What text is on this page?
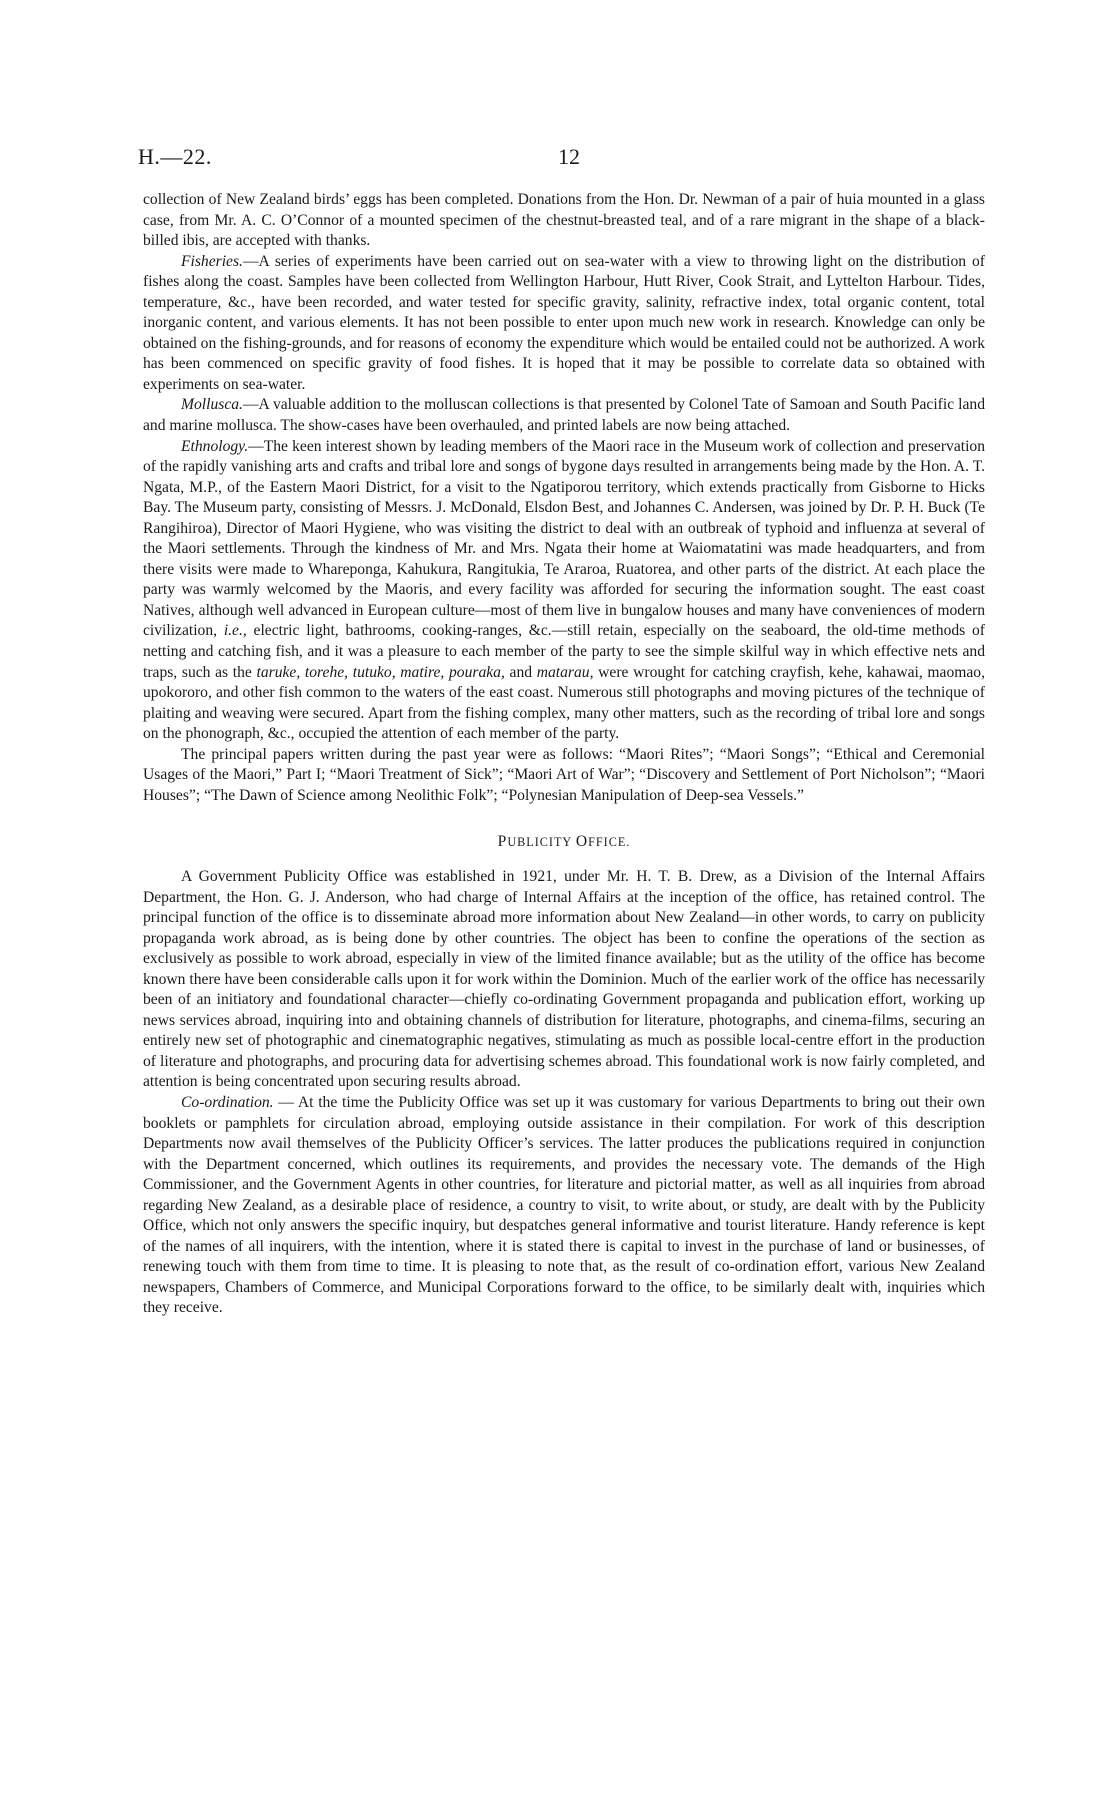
H.—22.	12

collection of New Zealand birds’ eggs has been completed. Donations from the Hon. Dr. Newman of a pair of huia mounted in a glass case, from Mr. A. C. O’Connor of a mounted specimen of the chestnut-breasted teal, and of a rare migrant in the shape of a black-billed ibis, are accepted with thanks.

Fisheries.—A series of experiments have been carried out on sea-water with a view to throwing light on the distribution of fishes along the coast. Samples have been collected from Wellington Harbour, Hutt River, Cook Strait, and Lyttelton Harbour. Tides, temperature, &c., have been recorded, and water tested for specific gravity, salinity, refractive index, total organic content, total inorganic content, and various elements. It has not been possible to enter upon much new work in research. Knowledge can only be obtained on the fishing-grounds, and for reasons of economy the expenditure which would be entailed could not be authorized. A work has been commenced on specific gravity of food fishes. It is hoped that it may be possible to correlate data so obtained with experiments on sea-water.

Mollusca.—A valuable addition to the molluscan collections is that presented by Colonel Tate of Samoan and South Pacific land and marine mollusca. The show-cases have been overhauled, and printed labels are now being attached.

Ethnology.—The keen interest shown by leading members of the Maori race in the Museum work of collection and preservation of the rapidly vanishing arts and crafts and tribal lore and songs of bygone days resulted in arrangements being made by the Hon. A. T. Ngata, M.P., of the Eastern Maori District, for a visit to the Ngatiporou territory, which extends practically from Gisborne to Hicks Bay. The Museum party, consisting of Messrs. J. McDonald, Elsdon Best, and Johannes C. Andersen, was joined by Dr. P. H. Buck (Te Rangihiroa), Director of Maori Hygiene, who was visiting the district to deal with an outbreak of typhoid and influenza at several of the Maori settlements. Through the kindness of Mr. and Mrs. Ngata their home at Waiomatatini was made headquarters, and from there visits were made to Whareponga, Kahukura, Rangitukia, Te Araroa, Ruatorea, and other parts of the district. At each place the party was warmly welcomed by the Maoris, and every facility was afforded for securing the information sought. The east coast Natives, although well advanced in European culture—most of them live in bungalow houses and many have conveniences of modern civilization, i.e., electric light, bathrooms, cooking-ranges, &c.—still retain, especially on the seaboard, the old-time methods of netting and catching fish, and it was a pleasure to each member of the party to see the simple skilful way in which effective nets and traps, such as the taruke, torehe, tutuko, matire, pouraka, and matarau, were wrought for catching crayfish, kehe, kahawai, maomao, upokororo, and other fish common to the waters of the east coast. Numerous still photographs and moving pictures of the technique of plaiting and weaving were secured. Apart from the fishing complex, many other matters, such as the recording of tribal lore and songs on the phonograph, &c., occupied the attention of each member of the party.

The principal papers written during the past year were as follows: “Maori Rites”; “Maori Songs”; “Ethical and Ceremonial Usages of the Maori,” Part I; “Maori Treatment of Sick”; “Maori Art of War”; “Discovery and Settlement of Port Nicholson”; “Maori Houses”; “The Dawn of Science among Neolithic Folk”; “Polynesian Manipulation of Deep-sea Vessels.”

PUBLICITY OFFICE.

A Government Publicity Office was established in 1921, under Mr. H. T. B. Drew, as a Division of the Internal Affairs Department, the Hon. G. J. Anderson, who had charge of Internal Affairs at the inception of the office, has retained control. The principal function of the office is to disseminate abroad more information about New Zealand—in other words, to carry on publicity propaganda work abroad, as is being done by other countries. The object has been to confine the operations of the section as exclusively as possible to work abroad, especially in view of the limited finance available; but as the utility of the office has become known there have been considerable calls upon it for work within the Dominion. Much of the earlier work of the office has necessarily been of an initiatory and foundational character—chiefly co-ordinating Government propaganda and publication effort, working up news services abroad, inquiring into and obtaining channels of distribution for literature, photographs, and cinema-films, securing an entirely new set of photographic and cinematographic negatives, stimulating as much as possible local-centre effort in the production of literature and photographs, and procuring data for advertising schemes abroad. This foundational work is now fairly completed, and attention is being concentrated upon securing results abroad.

Co-ordination. — At the time the Publicity Office was set up it was customary for various Departments to bring out their own booklets or pamphlets for circulation abroad, employing outside assistance in their compilation. For work of this description Departments now avail themselves of the Publicity Officer’s services. The latter produces the publications required in conjunction with the Department concerned, which outlines its requirements, and provides the necessary vote. The demands of the High Commissioner, and the Government Agents in other countries, for literature and pictorial matter, as well as all inquiries from abroad regarding New Zealand, as a desirable place of residence, a country to visit, to write about, or study, are dealt with by the Publicity Office, which not only answers the specific inquiry, but despatches general informative and tourist literature. Handy reference is kept of the names of all inquirers, with the intention, where it is stated there is capital to invest in the purchase of land or businesses, of renewing touch with them from time to time. It is pleasing to note that, as the result of co-ordination effort, various New Zealand newspapers, Chambers of Commerce, and Municipal Corporations forward to the office, to be similarly dealt with, inquiries which they receive.
